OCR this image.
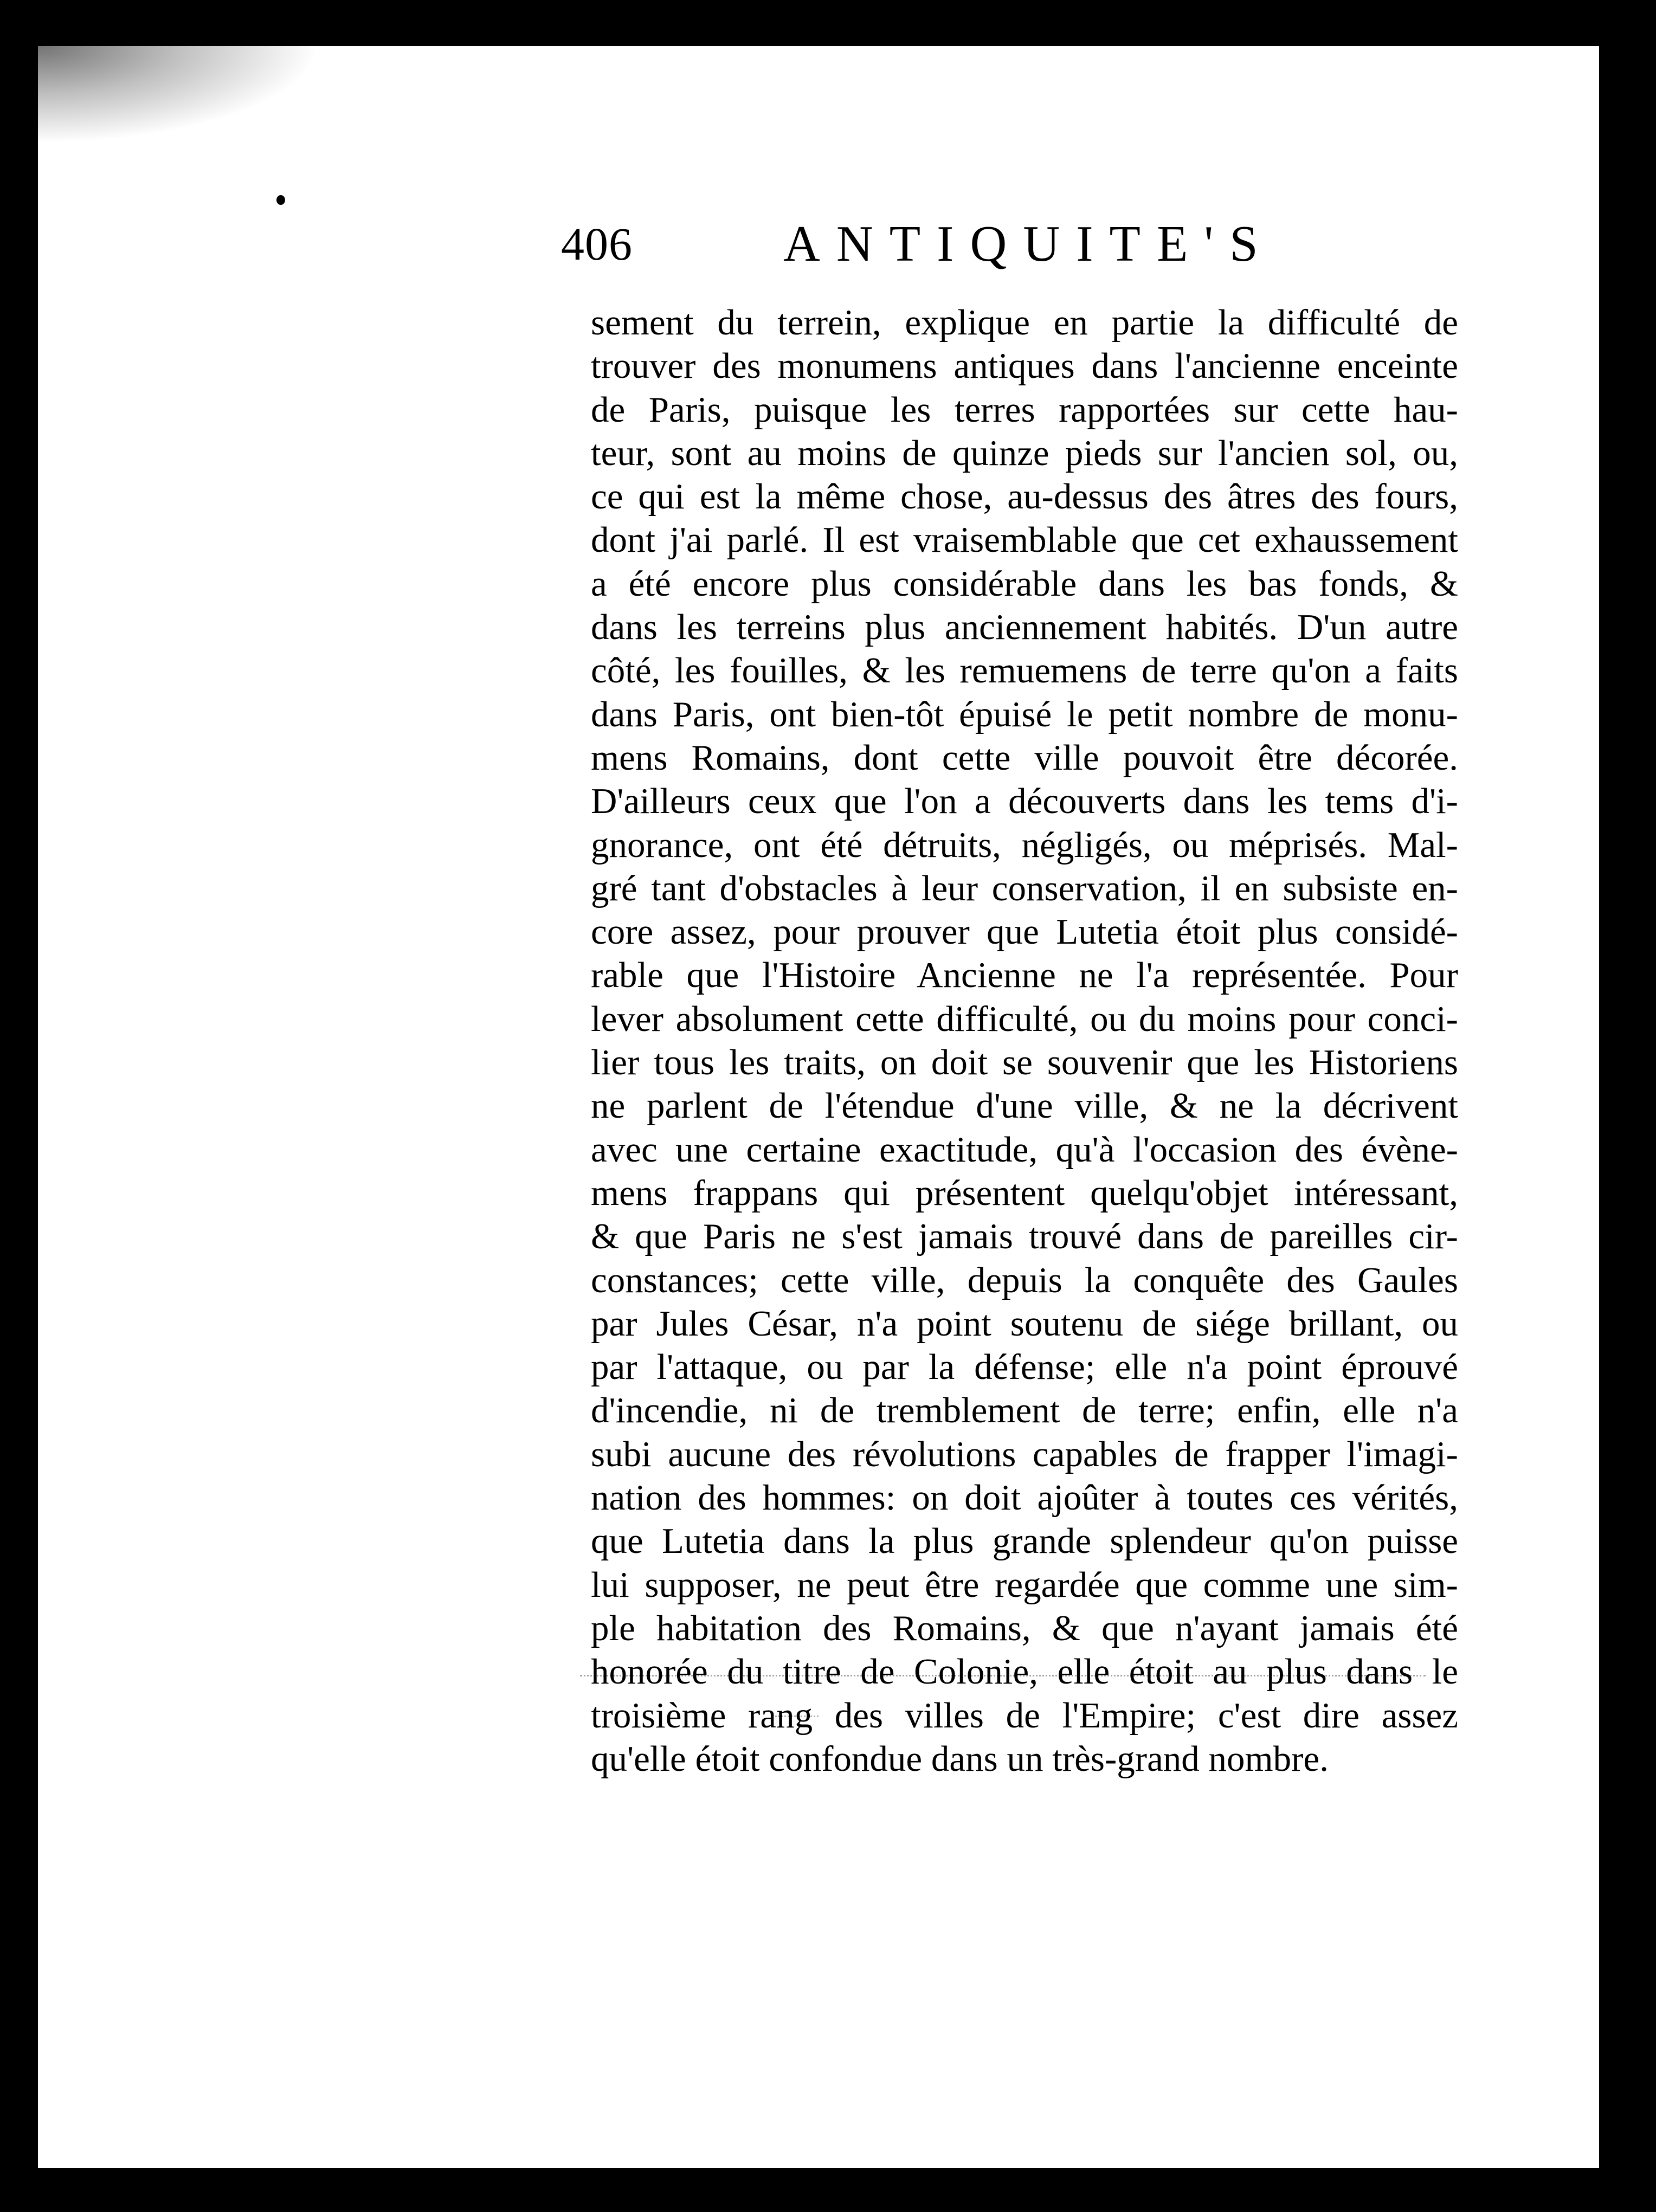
406	ANTIQUITE'S
sement du terrein, explique en partie la difficulté de
trouver des monumens antiques dans l'ancienne enceinte
de Paris, puisque les terres rapportées sur cette hau-
teur, sont au moins de quinze pieds sur l'ancien sol, ou,
ce qui est la même chose, au-dessus des âtres des fours,
dont j'ai parlé. Il est vraisemblable que cet exhaussement
a été encore plus considérable dans les bas fonds, &
dans les terreins plus anciennement habités. D'un autre
côté, les fouilles, & les remuemens de terre qu'on a faits
dans Paris, ont bien-tôt épuisé le petit nombre de monu-
mens Romains, dont cette ville pouvoit être décorée.
D'ailleurs ceux que l'on a découverts dans les tems d'i-
gnorance, ont été détruits, négligés, ou méprisés. Mal-
gré tant d'obstacles à leur conservation, il en subsiste en-
core assez, pour prouver que Lutetia étoit plus considé-
rable que l'Histoire Ancienne ne l'a représentée. Pour
lever absolument cette difficulté, ou du moins pour conci-
lier tous les traits, on doit se souvenir que les Historiens
ne parlent de l'étendue d'une ville, & ne la décrivent
avec une certaine exactitude, qu'à l'occasion des évène-
mens frappans qui présentent quelqu'objet intéressant,
& que Paris ne s'est jamais trouvé dans de pareilles cir-
constances; cette ville, depuis la conquête des Gaules
par Jules César, n'a point soutenu de siége brillant, ou
par l'attaque, ou par la défense; elle n'a point éprouvé
d'incendie, ni de tremblement de terre; enfin, elle n'a
subi aucune des révolutions capables de frapper l'imagi-
nation des hommes: on doit ajoûter à toutes ces vérités,
que Lutetia dans la plus grande splendeur qu'on puisse
lui supposer, ne peut être regardée que comme une sim-
ple habitation des Romains, & que n'ayant jamais été
honorée du titre de Colonie, elle étoit au plus dans le
troisième rang des villes de l'Empire; c'est dire assez
qu'elle étoit confondue dans un très-grand nombre.
